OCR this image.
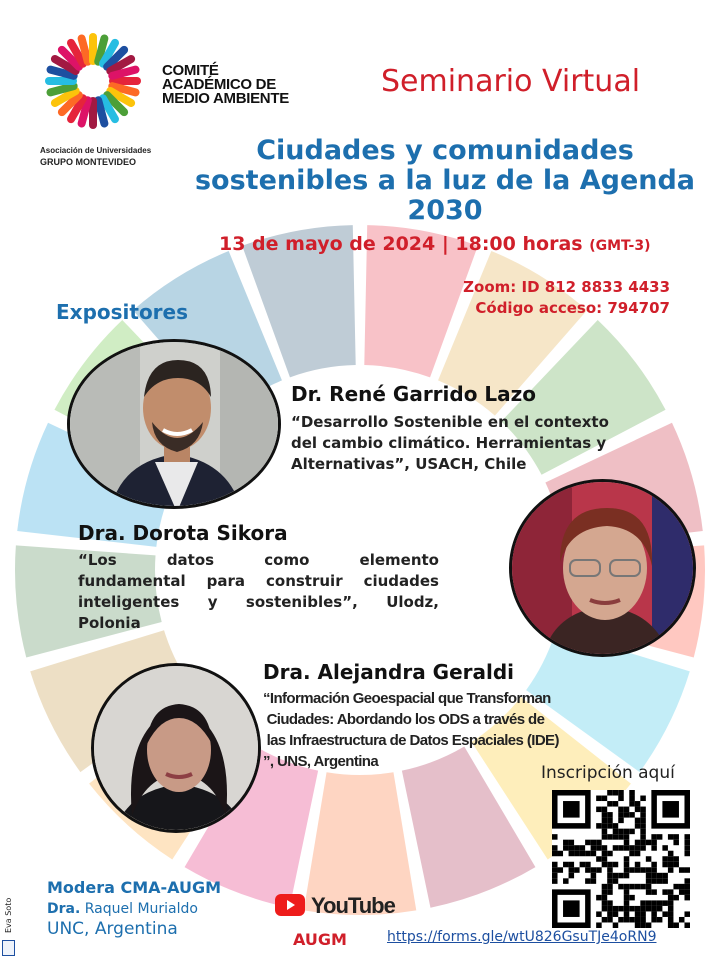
COMITÉ
ACADÉMICO DE
MEDIO AMBIENTE
Asociación de Universidades
GRUPO MONTEVIDEO
Seminario Virtual
Ciudades y comunidades
sostenibles a la luz de la Agenda
2030
13 de mayo de 2024 | 18:00 horas (GMT-3)
Zoom: ID 812 8833 4433
Código acceso: 794707
Expositores
Dr. René Garrido Lazo
“Desarrollo Sostenible en el contexto
del cambio climático. Herramientas y
Alternativas”, USACH, Chile
Dra. Dorota Sikora
“Los datos como elemento
fundamental para construir ciudades
inteligentes y sostenibles”, Ulodz,
Polonia
Dra. Alejandra Geraldi
“Información Geoespacial que Transforman
Ciudades: Abordando los ODS a través de
las Infraestructura de Datos Espaciales (IDE)
”, UNS, Argentina
Modera CMA-AUGM
Dra. Raquel Murialdo
UNC, Argentina
YouTube
AUGM
Inscripción aquí
https://forms.gle/wtU826GsuTJe4oRN9
Eva Soto
